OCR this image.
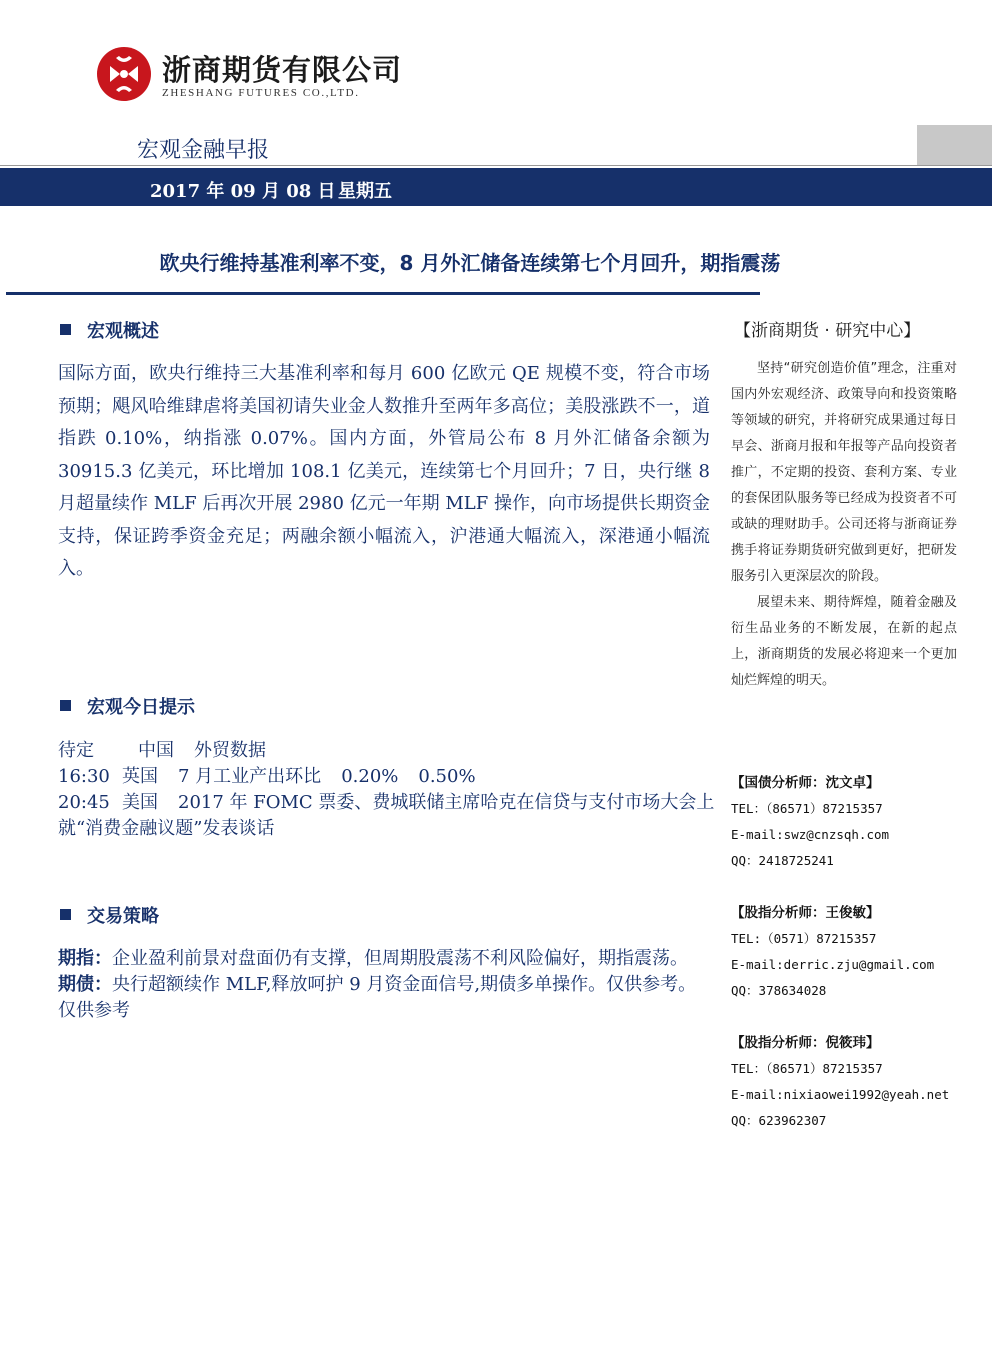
浙商期货有限公司
ZHESHANG FUTURES CO.,LTD.
宏观金融早报
2017 年 09 月 08 日 星期五
欧央行维持基准利率不变，8 月外汇储备连续第七个月回升，期指震荡
宏观概述
国际方面，欧央行维持三大基准利率和每月 600 亿欧元 QE 规模不变，符合市场预期；飓风哈维肆虐将美国初请失业金人数推升至两年多高位；美股涨跌不一，道指跌 0.10%，纳指涨 0.07%。国内方面，外管局公布 8 月外汇储备余额为 30915.3 亿美元，环比增加 108.1 亿美元，连续第七个月回升；7 日，央行继 8 月超量续作 MLF 后再次开展 2980 亿元一年期 MLF 操作，向市场提供长期资金支持，保证跨季资金充足；两融余额小幅流入，沪港通大幅流入，深港通小幅流入。
宏观今日提示
待定 中国 外贸数据
16:30 英国 7 月工业产出环比 0.20% 0.50%
20:45 美国 2017 年 FOMC 票委、费城联储主席哈克在信贷与支付市场大会上就“消费金融议题”发表谈话
交易策略
期指：企业盈利前景对盘面仍有支撑，但周期股震荡不利风险偏好，期指震荡。
期债：央行超额续作 MLF,释放呵护 9 月资金面信号,期债多单操作。仅供参考。仅供参考
【浙商期货 · 研究中心】

坚持“研究创造价值”理念，注重对国内外宏观经济、政策导向和投资策略等领域的研究，并将研究成果通过每日早会、浙商月报和年报等产品向投资者推广，不定期的投资、套利方案、专业的套保团队服务等已经成为投资者不可或缺的理财助手。公司还将与浙商证券携手将证券期货研究做到更好，把研发服务引入更深层次的阶段。

展望未来、期待辉煌，随着金融及衍生品业务的不断发展，在新的起点上，浙商期货的发展必将迎来一个更加灿烂辉煌的明天。

【国债分析师：沈文卓】
TEL：（86571）87215357
E-mail:swz@cnzsqh.com
QQ：2418725241
【股指分析师：王俊敏】
TEL:（0571）87215357
E-mail:derric.zju@gmail.com
QQ：378634028
【股指分析师：倪筱玮】
TEL：（86571）87215357
E-mail:nixiaowei1992@yeah.net
QQ：623962307
